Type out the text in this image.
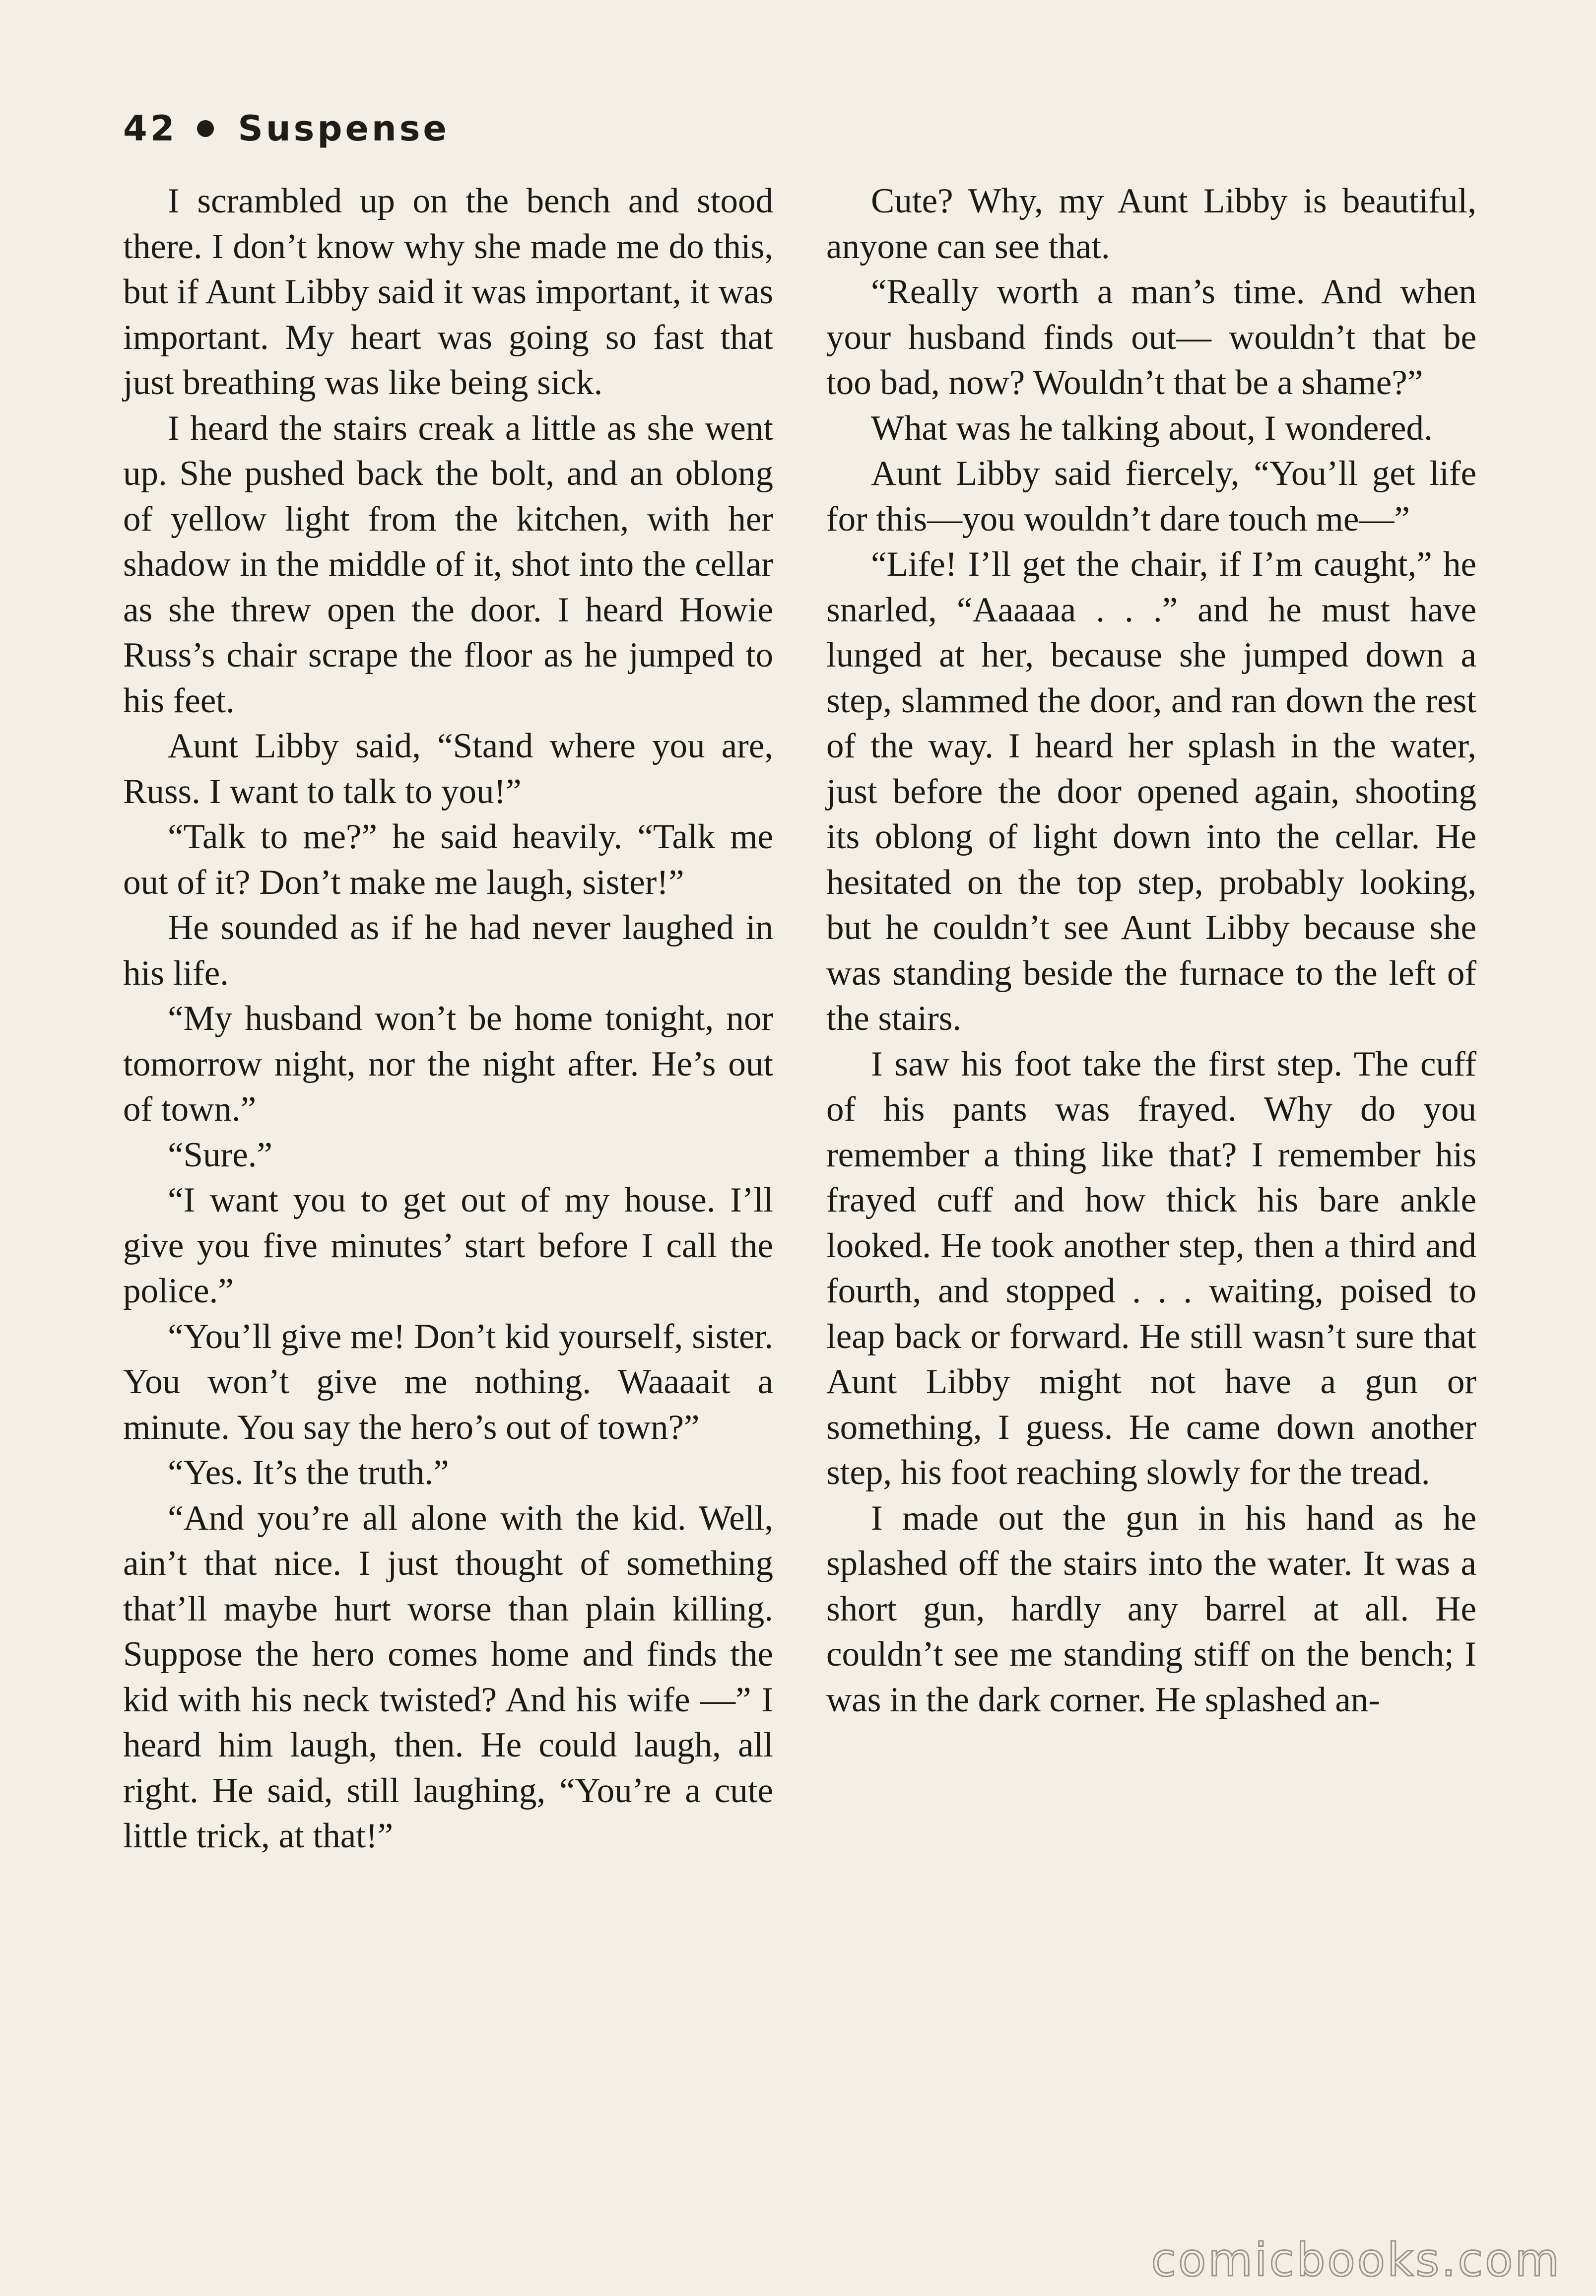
42 Suspense

I scrambled up on the bench and stood there. I don’t know why she made me do this, but if Aunt Libby said it was important, it was important. My heart was going so fast that just breathing was like being sick.

I heard the stairs creak a little as she went up. She pushed back the bolt, and an oblong of yellow light from the kitchen, with her shadow in the middle of it, shot into the cellar as she threw open the door. I heard Howie Russ’s chair scrape the floor as he jumped to his feet.

Aunt Libby said, “Stand where you are, Russ. I want to talk to you!”

“Talk to me?” he said heavily. “Talk me out of it? Don’t make me laugh, sister!”

He sounded as if he had never laughed in his life.

“My husband won’t be home tonight, nor tomorrow night, nor the night after. He’s out of town.”

“Sure.”

“I want you to get out of my house. I’ll give you five minutes’ start before I call the police.”

“You’ll give me! Don’t kid yourself, sister. You won’t give me nothing. Waaaait a minute. You say the hero’s out of town?”

“Yes. It’s the truth.”

“And you’re all alone with the kid. Well, ain’t that nice. I just thought of something that’ll maybe hurt worse than plain killing. Suppose the hero comes home and finds the kid with his neck twisted? And his wife —” I heard him laugh, then. He could laugh, all right. He said, still laughing, “You’re a cute little trick, at that!”

Cute? Why, my Aunt Libby is beautiful, anyone can see that.

“Really worth a man’s time. And when your husband finds out— wouldn’t that be too bad, now? Wouldn’t that be a shame?”

What was he talking about, I wondered.

Aunt Libby said fiercely, “You’ll get life for this—you wouldn’t dare touch me—”

“Life! I’ll get the chair, if I’m caught,” he snarled, “Aaaaaa . . .” and he must have lunged at her, because she jumped down a step, slammed the door, and ran down the rest of the way. I heard her splash in the water, just before the door opened again, shooting its oblong of light down into the cellar. He hesitated on the top step, probably looking, but he couldn’t see Aunt Libby because she was standing beside the furnace to the left of the stairs.

I saw his foot take the first step. The cuff of his pants was frayed. Why do you remember a thing like that? I remember his frayed cuff and how thick his bare ankle looked. He took another step, then a third and fourth, and stopped . . . waiting, poised to leap back or forward. He still wasn’t sure that Aunt Libby might not have a gun or something, I guess. He came down another step, his foot reaching slowly for the tread.

I made out the gun in his hand as he splashed off the stairs into the water. It was a short gun, hardly any barrel at all. He couldn’t see me standing stiff on the bench; I was in the dark corner. He splashed an-

comicbooks.com
